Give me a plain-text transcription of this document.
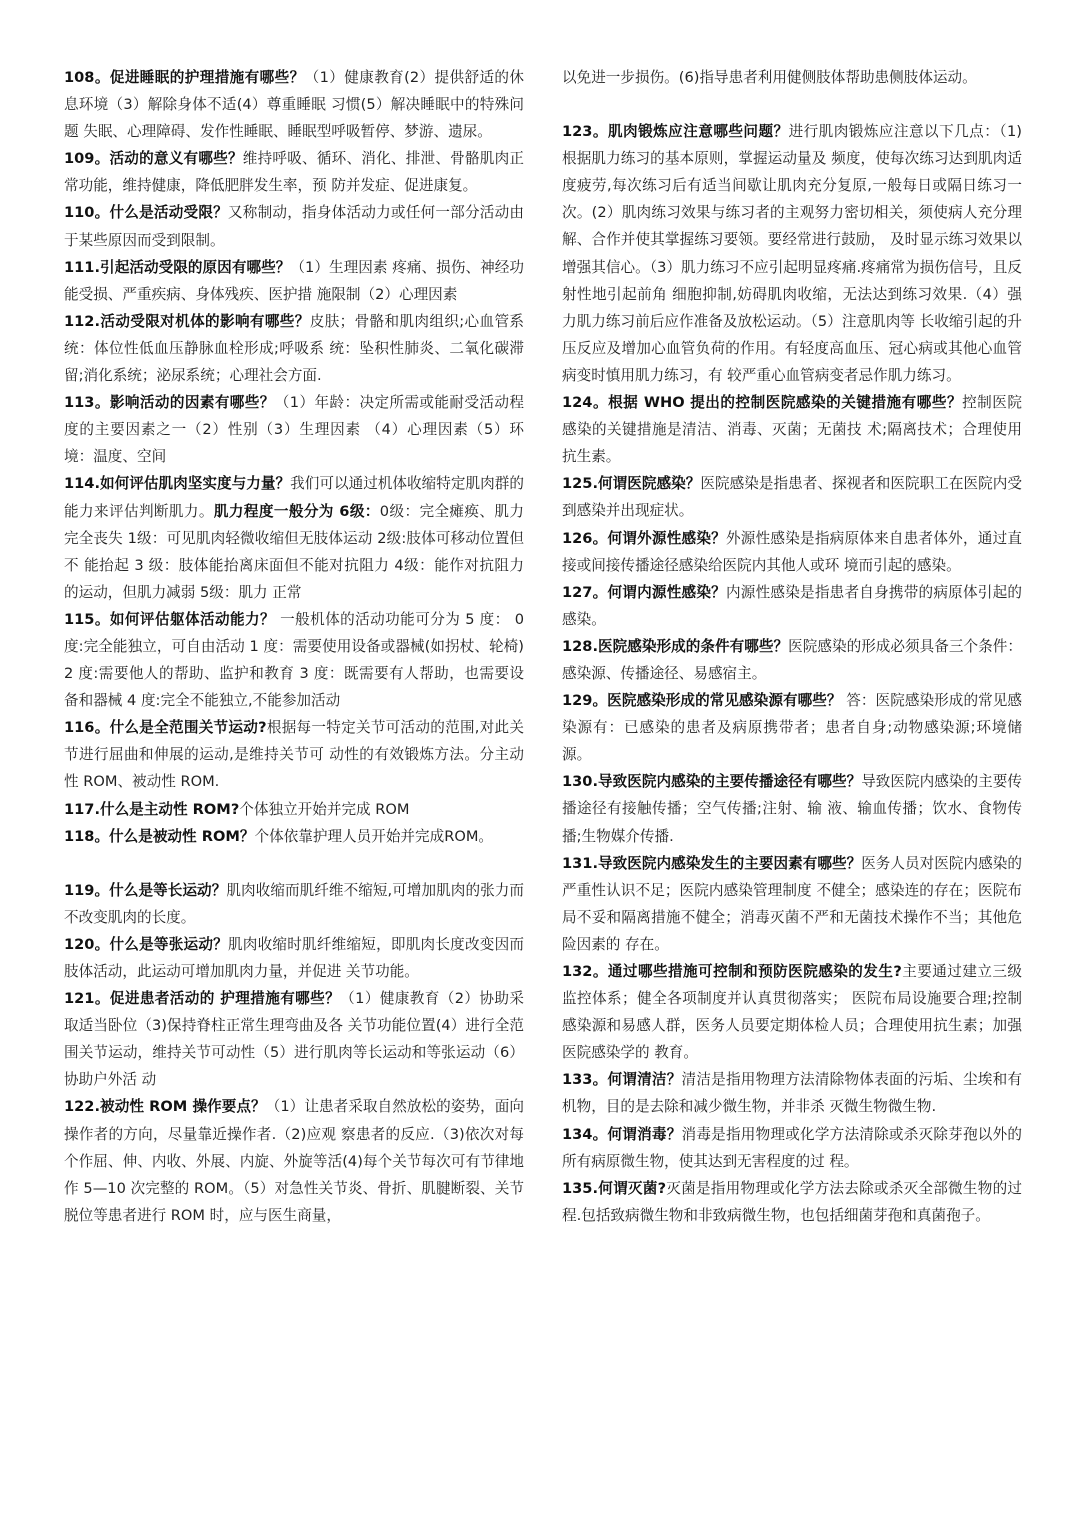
108。促进睡眠的护理措施有哪些？（1）健康教育(2）提供舒适的休息环境（3）解除身体不适(4）尊重睡眠 习惯(5）解决睡眠中的特殊问题 失眠、心理障碍、发作性睡眠、睡眠型呼吸暂停、梦游、遗尿。

109。活动的意义有哪些？维持呼吸、循环、消化、排泄、骨骼肌肉正常功能，维持健康，降低肥胖发生率，预 防并发症、促进康复。

110。什么是活动受限？又称制动，指身体活动力或任何一部分活动由于某些原因而受到限制。

111.引起活动受限的原因有哪些？（1）生理因素 疼痛、损伤、神经功能受损、严重疾病、身体残疾、医护措 施限制（2）心理因素

112.活动受限对机体的影响有哪些？皮肤；骨骼和肌肉组织;心血管系统：体位性低血压静脉血栓形成;呼吸系 统：坠积性肺炎、二氧化碳滞留;消化系统；泌尿系统；心理社会方面.

113。影响活动的因素有哪些？（1）年龄：决定所需或能耐受活动程度的主要因素之一（2）性别（3）生理因素 （4）心理因素（5）环境：温度、空间

114.如何评估肌肉坚实度与力量？我们可以通过机体收缩特定肌肉群的能力来评估判断肌力。肌力程度一般分为 6级：0级：完全瘫痪、肌力完全丧失 1级：可见肌肉轻微收缩但无肢体运动 2级:肢体可移动位置但不 能抬起 3 级：肢体能抬离床面但不能对抗阻力 4级：能作对抗阻力的运动，但肌力减弱 5级：肌力 正常

115。如何评估躯体活动能力？ 一般机体的活动功能可分为 5 度： 0 度:完全能独立，可自由活动 1 度：需要使用设备或器械(如拐杖、轮椅) 2 度:需要他人的帮助、监护和教育 3 度：既需要有人帮助，也需要设备和器械 4 度:完全不能独立,不能参加活动

116。什么是全范围关节运动?根据每一特定关节可活动的范围,对此关节进行屈曲和伸展的运动,是维持关节可 动性的有效锻炼方法。分主动性 ROM、被动性 ROM.

117.什么是主动性 ROM?个体独立开始并完成 ROM

118。什么是被动性 ROM？个体依靠护理人员开始并完成ROM。

119。什么是等长运动？肌肉收缩而肌纤维不缩短,可增加肌肉的张力而不改变肌肉的长度。

120。什么是等张运动？肌肉收缩时肌纤维缩短，即肌肉长度改变因而肢体活动，此运动可增加肌肉力量，并促进 关节功能。

121。促进患者活动的 护理措施有哪些？（1）健康教育（2）协助采取适当卧位（3)保持脊柱正常生理弯曲及各 关节功能位置(4）进行全范围关节运动，维持关节可动性（5）进行肌肉等长运动和等张运动（6）协助户外活 动

122.被动性 ROM 操作要点？（1）让患者采取自然放松的姿势，面向操作者的方向，尽量靠近操作者.（2)应观 察患者的反应.（3)依次对每个作屈、伸、内收、外展、内旋、外旋等活(4)每个关节每次可有节律地作 5—10 次完整的 ROM。（5）对急性关节炎、骨折、肌腱断裂、关节脱位等患者进行 ROM 时，应与医生商量，

以免进一步损伤。(6)指导患者利用健侧肢体帮助患侧肢体运动。

123。肌肉锻炼应注意哪些问题？进行肌肉锻炼应注意以下几点：（1)根据肌力练习的基本原则，掌握运动量及 频度，使每次练习达到肌肉适度疲劳,每次练习后有适当间歇让肌肉充分复原,一般每日或隔日练习一次。(2）肌肉练习效果与练习者的主观努力密切相关，须使病人充分理解、合作并使其掌握练习要领。要经常进行鼓励， 及时显示练习效果以增强其信心。（3）肌力练习不应引起明显疼痛.疼痛常为损伤信号，且反射性地引起前角 细胞抑制,妨碍肌肉收缩，无法达到练习效果.（4）强力肌力练习前后应作准备及放松运动。（5）注意肌肉等 长收缩引起的升压反应及增加心血管负荷的作用。有轻度高血压、冠心病或其他心血管病变时慎用肌力练习，有 较严重心血管病变者忌作肌力练习。

124。根据 WHO 提出的控制医院感染的关键措施有哪些？控制医院感染的关键措施是清洁、消毒、灭菌；无菌技 术;隔离技术；合理使用抗生素。

125.何谓医院感染？医院感染是指患者、探视者和医院职工在医院内受到感染并出现症状。

126。何谓外源性感染？外源性感染是指病原体来自患者体外，通过直接或间接传播途径感染给医院内其他人或环 境而引起的感染。

127。何谓内源性感染？内源性感染是指患者自身携带的病原体引起的感染。

128.医院感染形成的条件有哪些？医院感染的形成必须具备三个条件：感染源、传播途径、易感宿主。

129。医院感染形成的常见感染源有哪些？ 答：医院感染形成的常见感染源有：已感染的患者及病原携带者；患者自身;动物感染源;环境储源。

130.导致医院内感染的主要传播途径有哪些？导致医院内感染的主要传播途径有接触传播；空气传播;注射、输 液、输血传播；饮水、食物传播;生物媒介传播.

131.导致医院内感染发生的主要因素有哪些？医务人员对医院内感染的严重性认识不足；医院内感染管理制度 不健全；感染连的存在；医院布局不妥和隔离措施不健全；消毒灭菌不严和无菌技术操作不当；其他危险因素的 存在。

132。通过哪些措施可控制和预防医院感染的发生?主要通过建立三级监控体系；健全各项制度并认真贯彻落实； 医院布局设施要合理;控制感染源和易感人群，医务人员要定期体检人员；合理使用抗生素；加强医院感染学的 教育。

133。何谓清洁？清洁是指用物理方法清除物体表面的污垢、尘埃和有机物，目的是去除和减少微生物，并非杀 灭微生物微生物.

134。何谓消毒？消毒是指用物理或化学方法清除或杀灭除芽孢以外的所有病原微生物，使其达到无害程度的过 程。

135.何谓灭菌?灭菌是指用物理或化学方法去除或杀灭全部微生物的过程.包括致病微生物和非致病微生物，也包括细菌芽孢和真菌孢子。
